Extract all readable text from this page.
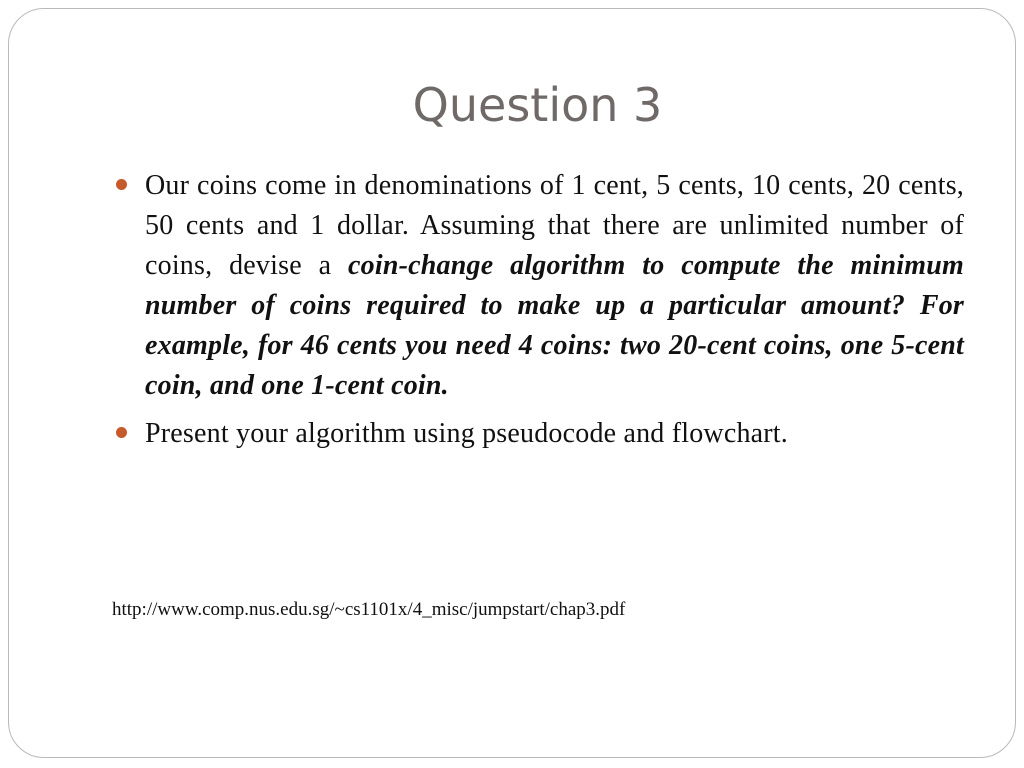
Question 3

Our coins come in denominations of 1 cent, 5 cents, 10 cents, 20 cents, 50 cents and 1 dollar. Assuming that there are unlimited number of coins, devise a coin-change algorithm to compute the minimum number of coins required to make up a particular amount? For example, for 46 cents you need 4 coins: two 20-cent coins, one 5-cent coin, and one 1-cent coin.

Present your algorithm using pseudocode and flowchart.

http://www.comp.nus.edu.sg/~cs1101x/4_misc/jumpstart/chap3.pdf
